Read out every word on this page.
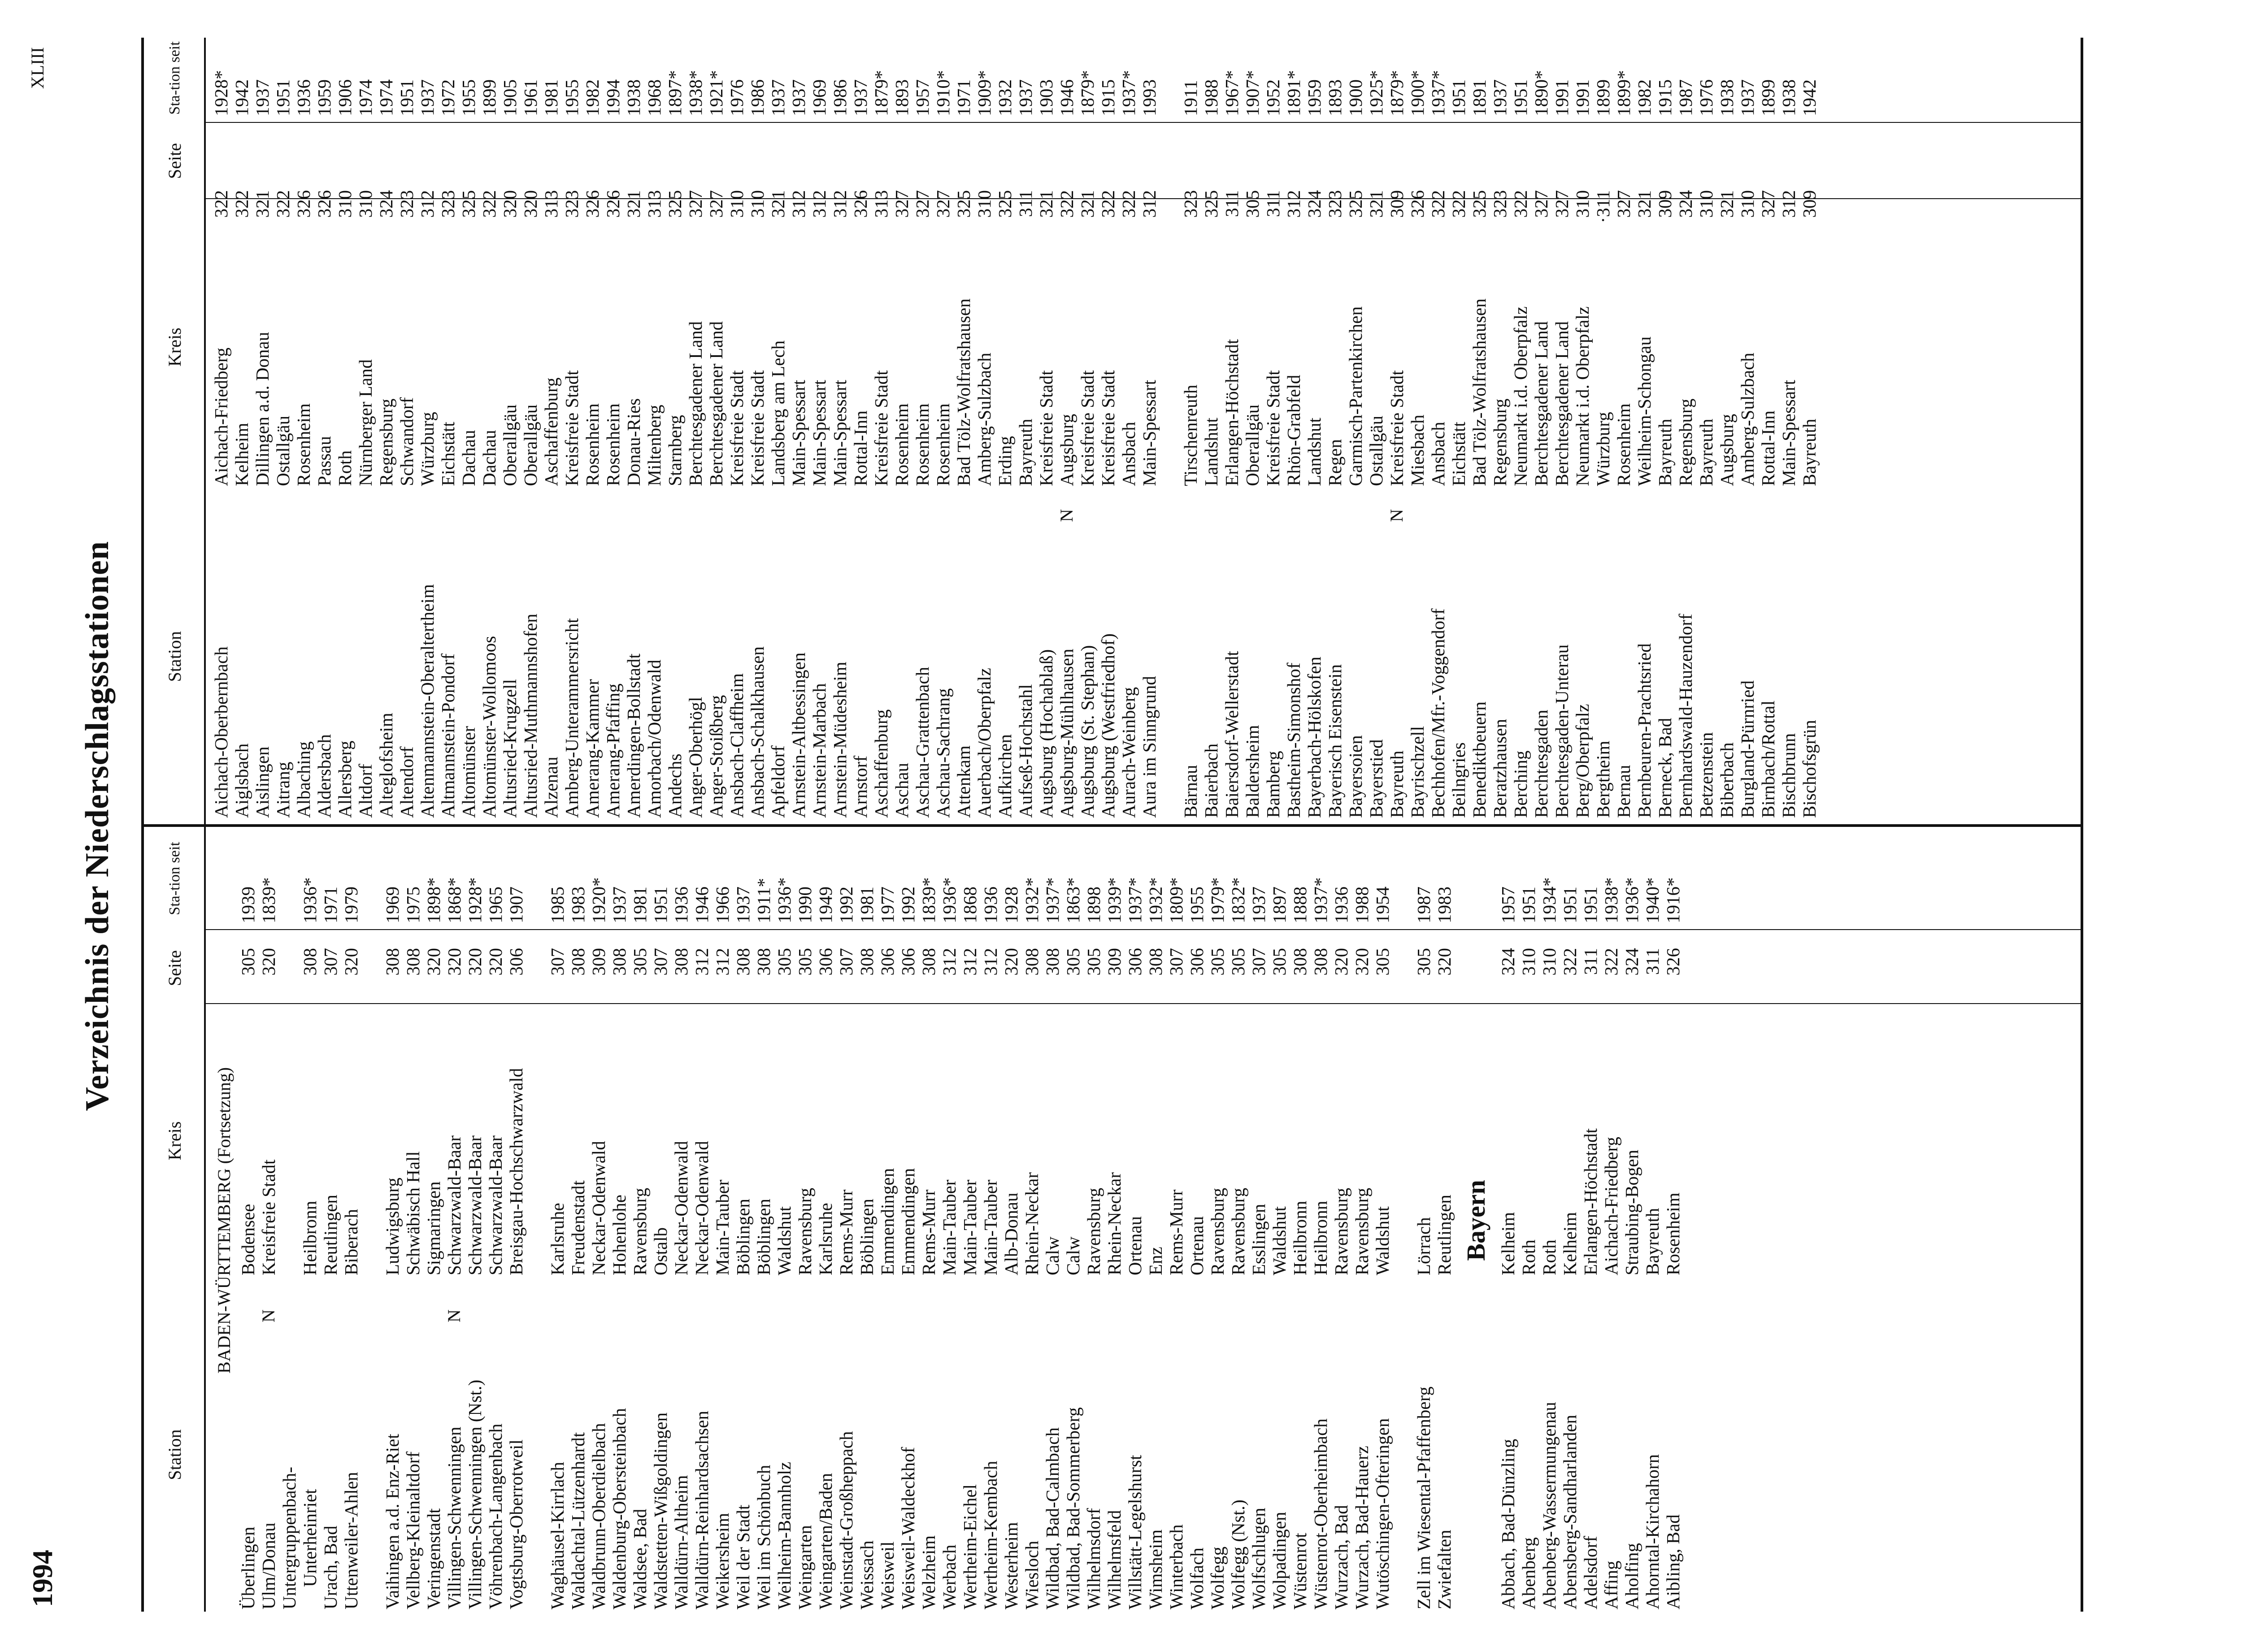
1994
Verzeichnis der Niederschlagsstationen
XLIII
Station
Kreis
Seite
Sta-tion seit
Station
Kreis
Seite
Sta-tion seit
BADEN-WÜRTTEMBERG (Fortsetzung)
Überlingen
Bodensee
305
1939
Ulm/Donau
N
Kreisfreie Stadt
320
1839*
Untergruppenbach- Unterheinriet
Heilbronn
308
1936*
Urach, Bad
Reutlingen
307
1971
Uttenweiler-Ahlen
Biberach
320
1979
Vaihingen a.d. Enz-Riet
Ludwigsburg
308
1969
Vellberg-Kleinaltdorf
Schwäbisch Hall
308
1975
Veringenstadt
Sigmaringen
320
1898*
Villingen-Schwenningen
N
Schwarzwald-Baar
320
1868*
Villingen-Schwenningen (Nst.)
Schwarzwald-Baar
320
1928*
Vöhrenbach-Langenbach
Schwarzwald-Baar
320
1965
Vogtsburg-Oberrotweil
Breisgau-Hochschwarzwald
306
1907
Waghäusel-Kirrlach
Karlsruhe
307
1985
Waldachtal-Lützenhardt
Freudenstadt
308
1983
Waldbrunn-Oberdielbach
Neckar-Odenwald
309
1920*
Waldenburg-Obersteinbach
Hohenlohe
308
1937
Waldsee, Bad
Ravensburg
305
1981
Waldstetten-Wißgoldingen
Ostalb
307
1951
Walldürn-Altheim
Neckar-Odenwald
308
1936
Walldürn-Reinhardsachsen
Neckar-Odenwald
312
1946
Weikersheim
Main-Tauber
312
1966
Weil der Stadt
Böblingen
308
1937
Weil im Schönbuch
Böblingen
308
1911*
Weilheim-Bannholz
Waldshut
305
1936*
Weingarten
Ravensburg
305
1990
Weingarten/Baden
Karlsruhe
306
1949
Weinstadt-Großheppach
Rems-Murr
307
1992
Weissach
Böblingen
308
1981
Weisweil
Emmendingen
306
1977
Weisweil-Waldeckhof
Emmendingen
306
1992
Welzheim
Rems-Murr
308
1839*
Werbach
Main-Tauber
312
1936*
Wertheim-Eichel
Main-Tauber
312
1868
Wertheim-Kembach
Main-Tauber
312
1936
Westerheim
Alb-Donau
320
1928
Wiesloch
Rhein-Neckar
308
1932*
Wildbad, Bad-Calmbach
Calw
308
1937*
Wildbad, Bad-Sommerberg
Calw
305
1863*
Wilhelmsdorf
Ravensburg
305
1898
Wilhelmsfeld
Rhein-Neckar
309
1939*
Willstätt-Legelshurst
Ortenau
306
1937*
Wimsheim
Enz
308
1932*
Winterbach
Rems-Murr
307
1809*
Wolfach
Ortenau
306
1955
Wolfegg
Ravensburg
305
1979*
Wolfegg (Nst.)
Ravensburg
305
1832*
Wolfschlugen
Esslingen
307
1937
Wolpadingen
Waldshut
305
1897
Wüstenrot
Heilbronn
308
1888
Wüstenrot-Oberheimbach
Heilbronn
308
1937*
Wurzach, Bad
Ravensburg
320
1936
Wurzach, Bad-Hauerz
Ravensburg
320
1988
Wutöschingen-Ofteringen
Waldshut
305
1954
Zell im Wiesental-Pfaffenberg
Lörrach
305
1987
Zwiefalten
Reutlingen
320
1983
Bayern
Abbach, Bad-Dünzling
Kelheim
324
1957
Abenberg
Roth
310
1951
Abenberg-Wassermungenau
Roth
310
1934*
Abensberg-Sandharlanden
Kelheim
322
1951
Adelsdorf
Erlangen-Höchstadt
311
1951
Affing
Aichach-Friedberg
322
1938*
Aholfing
Straubing-Bogen
324
1936*
Ahorntal-Kirchahorn
Bayreuth
311
1940*
Aibling, Bad
Rosenheim
326
1916*
Aichach-Oberbernbach
Aichach-Friedberg
322
1928*
Aiglsbach
Kelheim
322
1942
Aislingen
Dillingen a.d. Donau
321
1937
Aitrang
Ostallgäu
322
1951
Albaching
Rosenheim
326
1936
Aldersbach
Passau
326
1959
Allersberg
Roth
310
1906
Altdorf
Nürnberger Land
310
1974
Alteglofsheim
Regensburg
324
1974
Altendorf
Schwandorf
323
1951
Altenmannstein-Oberaltertheim
Würzburg
312
1937
Altmannstein-Pondorf
Eichstätt
323
1972
Altomünster
Dachau
325
1955
Altomünster-Wollomoos
Dachau
322
1899
Altusried-Krugzell
Oberallgäu
320
1905
Altusried-Muthmannshofen
Oberallgäu
320
1961
Alzenau
Aschaffenburg
313
1981
Amberg-Unterammersricht
Kreisfreie Stadt
323
1955
Amerang-Kammer
Rosenheim
326
1982
Amerang-Pfaffing
Rosenheim
326
1994
Amerdingen-Bollstadt
Donau-Ries
321
1938
Amorbach/Odenwald
Miltenberg
313
1968
Andechs
Starnberg
325
1897*
Anger-Oberhögl
Berchtesgadener Land
327
1938*
Anger-Stoißberg
Berchtesgadener Land
327
1921*
Ansbach-Claffheim
Kreisfreie Stadt
310
1976
Ansbach-Schalkhausen
Kreisfreie Stadt
310
1986
Apfeldorf
Landsberg am Lech
321
1937
Arnstein-Altbessingen
Main-Spessart
312
1937
Arnstein-Marbach
Main-Spessart
312
1969
Arnstein-Müdesheim
Main-Spessart
312
1986
Arnstorf
Rottal-Inn
326
1937
Aschaffenburg
Kreisfreie Stadt
313
1879*
Aschau
Rosenheim
327
1893
Aschau-Grattenbach
Rosenheim
327
1957
Aschau-Sachrang
Rosenheim
327
1910*
Attenkam
Bad Tölz-Wolfratshausen
325
1971
Auerbach/Oberpfalz
Amberg-Sulzbach
310
1909*
Aufkirchen
Erding
325
1932
Aufseß-Hochstahl
Bayreuth
311
1937
Augsburg (Hochablaß)
Kreisfreie Stadt
321
1903
Augsburg-Mühlhausen
N
Augsburg
322
1946
Augsburg (St. Stephan)
Kreisfreie Stadt
321
1879*
Augsburg (Westfriedhof)
Kreisfreie Stadt
322
1915
Aurach-Weinberg
Ansbach
322
1937*
Aura im Sinngrund
Main-Spessart
312
1993
Bärnau
Tirschenreuth
323
1911
Baierbach
Landshut
325
1988
Baiersdorf-Wellerstadt
Erlangen-Höchstadt
311
1967*
Baldersheim
Oberallgäu
305
1907*
Bamberg
Kreisfreie Stadt
311
1952
Bastheim-Simonshof
Rhön-Grabfeld
312
1891*
Bayerbach-Hölskofen
Landshut
324
1959
Bayerisch Eisenstein
Regen
323
1893
Bayersoien
Garmisch-Partenkirchen
325
1900
Bayerstied
Ostallgäu
321
1925*
Bayreuth
N
Kreisfreie Stadt
309
1879*
Bayrischzell
Miesbach
326
1900*
Bechhofen/Mfr.-Voggendorf
Ansbach
322
1937*
Beilngries
Eichstätt
322
1951
Benediktbeuern
Bad Tölz-Wolfratshausen
325
1891
Beratzhausen
Regensburg
323
1937
Berching
Neumarkt i.d. Oberpfalz
322
1951
Berchtesgaden
Berchtesgadener Land
327
1890*
Berchtesgaden-Unterau
Berchtesgadener Land
327
1991
Berg/Oberpfalz
Neumarkt i.d. Oberpfalz
310
1991
Bergtheim
Würzburg
·311
1899
Bernau
Rosenheim
327
1899*
Bernbeuren-Prachtsried
Weilheim-Schongau
321
1982
Berneck, Bad
Bayreuth
309
1915
Bernhardswald-Hauzendorf
Regensburg
324
1987
Betzenstein
Bayreuth
310
1976
Biberbach
Augsburg
321
1938
Burgland-Pürnried
Amberg-Sulzbach
310
1937
Birnbach/Rottal
Rottal-Inn
327
1899
Bischbrunn
Main-Spessart
312
1938
Bischofsgrün
Bayreuth
309
1942
